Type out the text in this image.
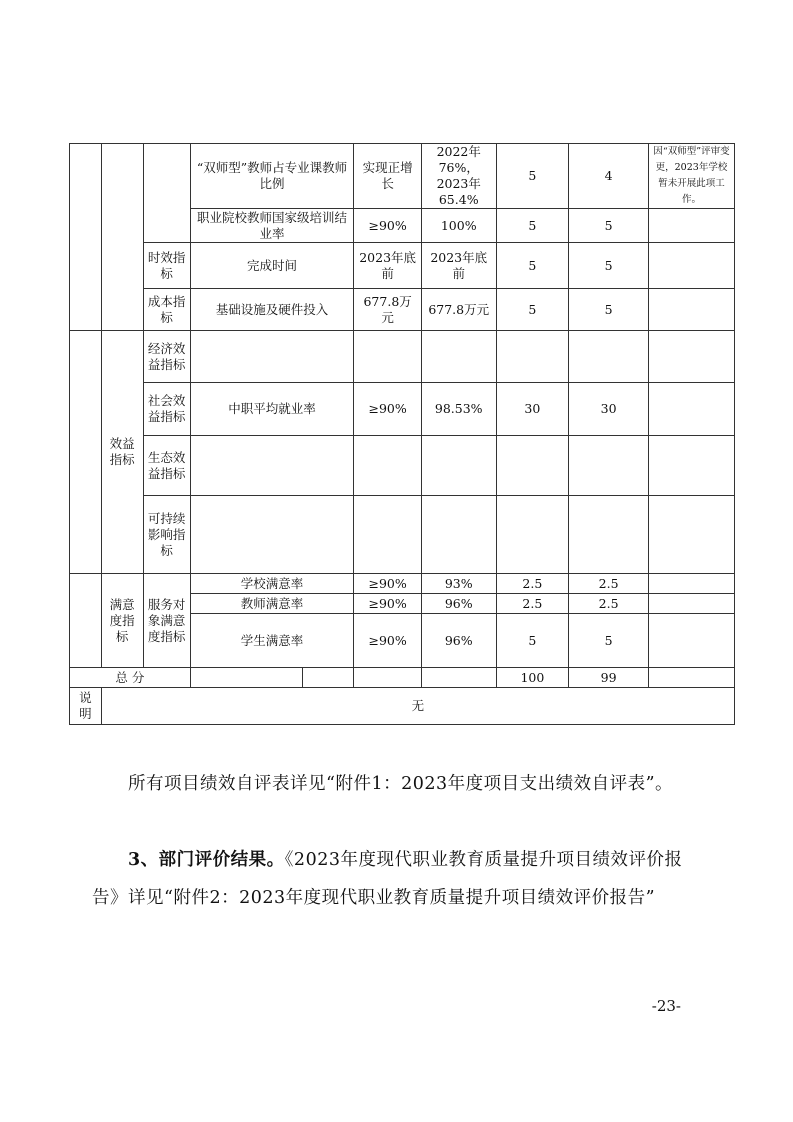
			“双师型”教师占专业课教师比例		实现正增长	2022年76%，2023年65.4%	5	4	因“双师型”评审变更，2023年学校暂未开展此项工作。
			职业院校教师国家级培训结业率		≥90%	100%	5	5	
		时效指标	完成时间		2023年底前	2023年底前	5	5	
		成本指标	基础设施及硬件投入		677.8万元	677.8万元	5	5	
	效益指标	经济效益指标							
		社会效益指标	中职平均就业率		≥90%	98.53%	30	30	
		生态效益指标							
		可持续影响指标							
	满意度指标	服务对象满意度指标	学校满意率		≥90%	93%	2.5	2.5	
			教师满意率		≥90%	96%	2.5	2.5	
			学生满意率		≥90%	96%	5	5	
总 分							100	99	
说明	无								
所有项目绩效自评表详见“附件1：2023年度项目支出绩效自评表”。
3、部门评价结果。《2023年度现代职业教育质量提升项目绩效评价报告》详见“附件2：2023年度现代职业教育质量提升项目绩效评价报告”
-23-
